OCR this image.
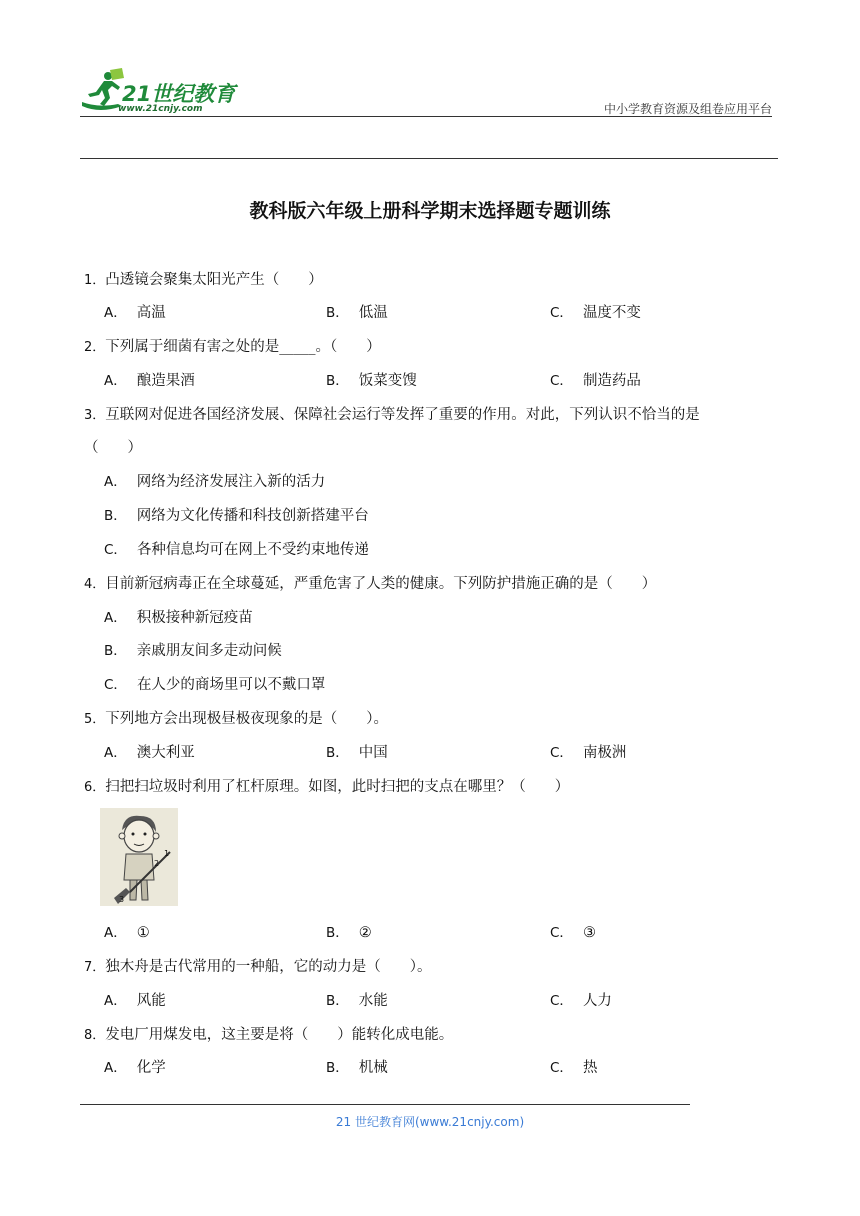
21世纪教育
www.21cnjy.com	中小学教育资源及组卷应用平台
教科版六年级上册科学期末选择题专题训练
1．凸透镜会聚集太阳光产生（　　）
A． 高温	B． 低温	C． 温度不变
2．下列属于细菌有害之处的是_____。（　　）
A． 酿造果酒	B． 饭菜变馊	C． 制造药品
3．互联网对促进各国经济发展、保障社会运行等发挥了重要的作用。对此，下列认识不恰当的是
（　　）
A． 网络为经济发展注入新的活力
B． 网络为文化传播和科技创新搭建平台
C． 各种信息均可在网上不受约束地传递
4．目前新冠病毒正在全球蔓延，严重危害了人类的健康。下列防护措施正确的是（　　）
A． 积极接种新冠疫苗
B． 亲戚朋友间多走动问候
C． 在人少的商场里可以不戴口罩
5．下列地方会出现极昼极夜现象的是（　　）。
A． 澳大利亚	B． 中国	C． 南极洲
6．扫把扫垃圾时利用了杠杆原理。如图，此时扫把的支点在哪里？（　　）
3
2
1
A． ①	B． ②	C． ③
7．独木舟是古代常用的一种船，它的动力是（　　）。
A． 风能	B． 水能	C． 人力
8．发电厂用煤发电，这主要是将（　　）能转化成电能。
A． 化学	B． 机械	C． 热
21 世纪教育网(www.21cnjy.com)
